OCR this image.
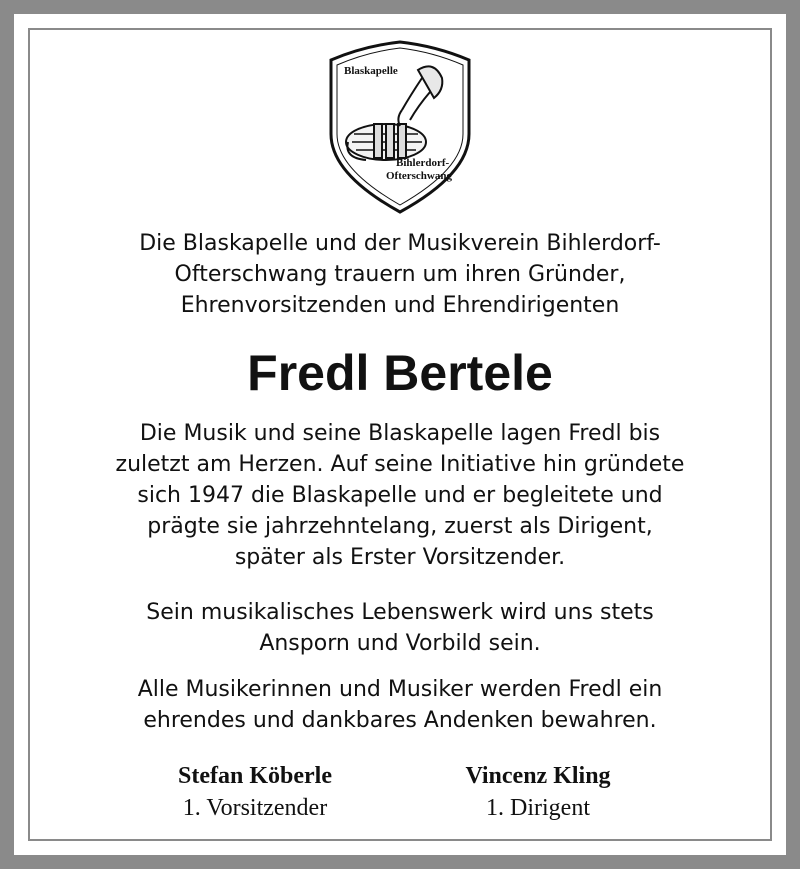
Blaskapelle
Bihlerdorf-
Ofterschwang

Die Blaskapelle und der Musikverein Bihlerdorf-

Ofterschwang trauern um ihren Gründer,

Ehrenvorsitzenden und Ehrendirigenten

Fredl Bertele

Die Musik und seine Blaskapelle lagen Fredl bis

zuletzt am Herzen. Auf seine Initiative hin gründete

sich 1947 die Blaskapelle und er begleitete und

prägte sie jahrzehntelang, zuerst als Dirigent,

später als Erster Vorsitzender.

Sein musikalisches Lebenswerk wird uns stets

Ansporn und Vorbild sein.

Alle Musikerinnen und Musiker werden Fredl ein

ehrendes und dankbares Andenken bewahren.

Stefan Köberle
1. Vorsitzender
Vincenz Kling
1. Dirigent
